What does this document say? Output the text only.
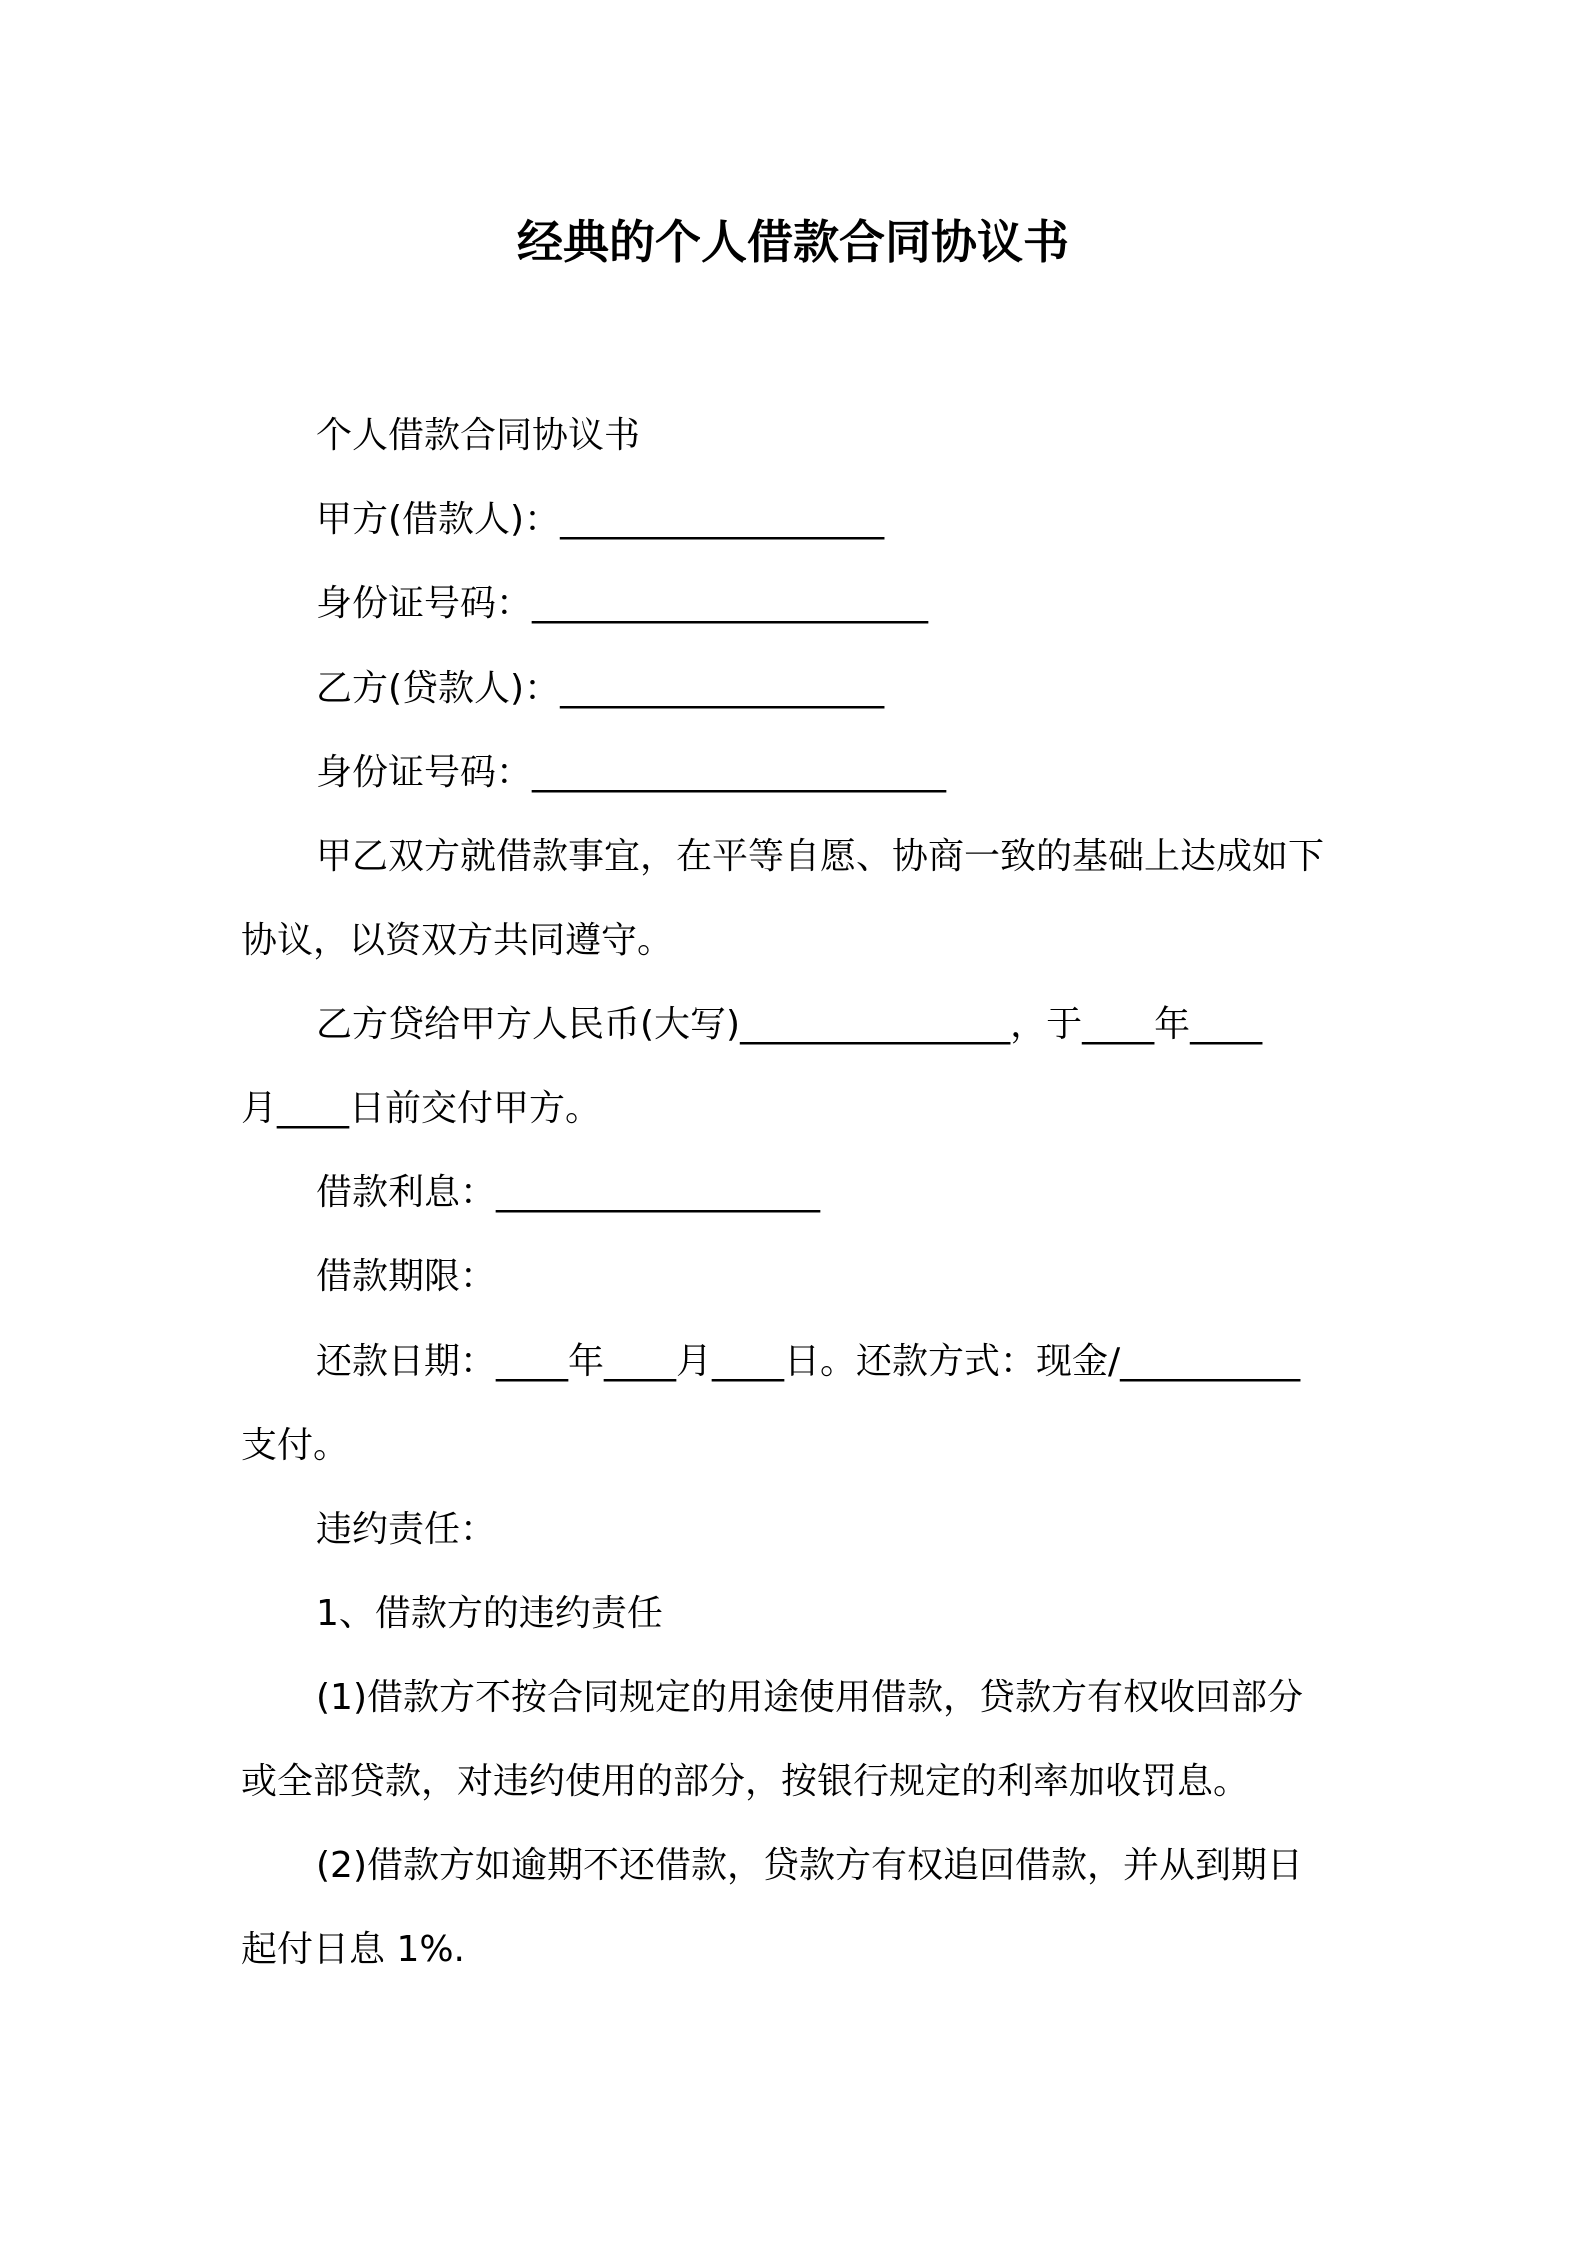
经典的个人借款合同协议书
个人借款合同协议书
甲方(借款人)：__________________
身份证号码：______________________
乙方(贷款人)：__________________
身份证号码：_______________________
甲乙双方就借款事宜，在平等自愿、协商一致的基础上达成如下
协议，以资双方共同遵守。
乙方贷给甲方人民币(大写)_______________，于____年____
月____日前交付甲方。
借款利息：__________________
借款期限：
还款日期：____年____月____日。还款方式：现金/__________
支付。
违约责任：
1、借款方的违约责任
(1)借款方不按合同规定的用途使用借款，贷款方有权收回部分
或全部贷款，对违约使用的部分，按银行规定的利率加收罚息。
(2)借款方如逾期不还借款，贷款方有权追回借款，并从到期日
起付日息 1%.
